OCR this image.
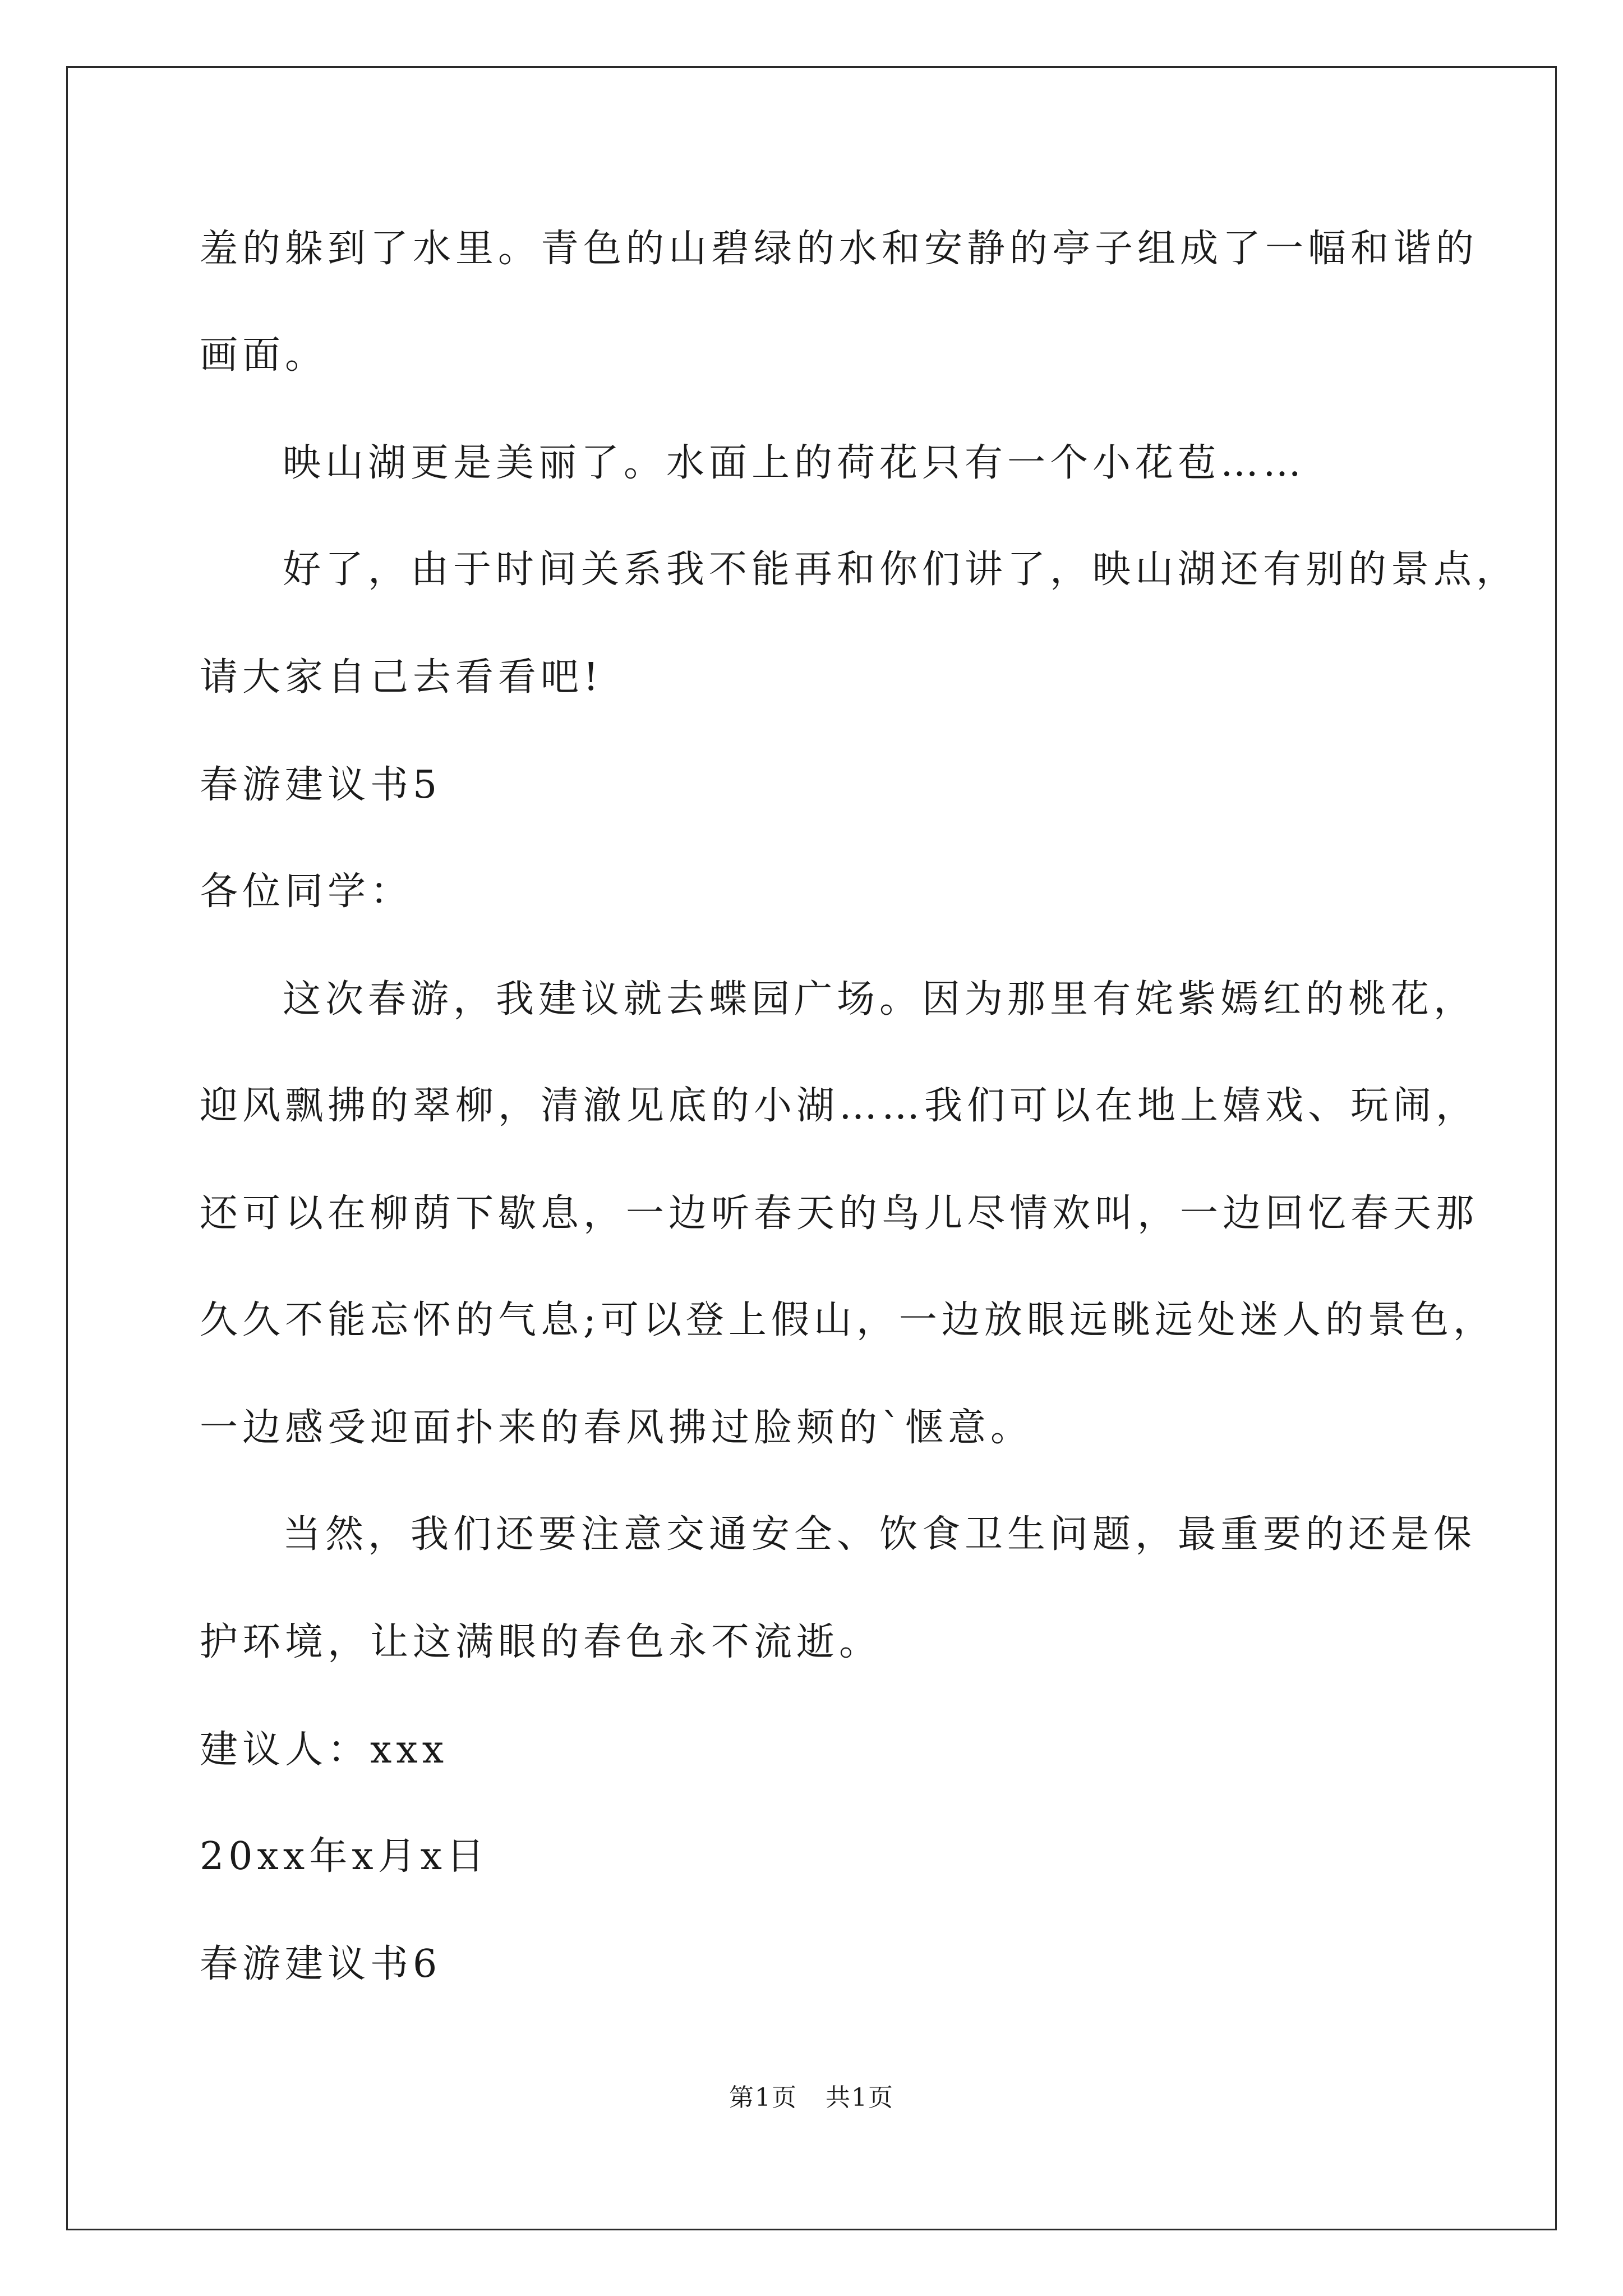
羞的躲到了水里。青色的山碧绿的水和安静的亭子组成了一幅和谐的

画面。

映山湖更是美丽了。水面上的荷花只有一个小花苞……

好了，由于时间关系我不能再和你们讲了，映山湖还有别的景点，

请大家自己去看看吧!

春游建议书5

各位同学：

这次春游，我建议就去蝶园广场。因为那里有姹紫嫣红的桃花，

迎风飘拂的翠柳，清澈见底的小湖……我们可以在地上嬉戏、玩闹，

还可以在柳荫下歇息，一边听春天的鸟儿尽情欢叫，一边回忆春天那

久久不能忘怀的气息;可以登上假山，一边放眼远眺远处迷人的景色，

一边感受迎面扑来的春风拂过脸颊的`惬意。

当然，我们还要注意交通安全、饮食卫生问题，最重要的还是保

护环境，让这满眼的春色永不流逝。

建议人：xxx

20xx年x月x日

春游建议书6

第1页 共1页
